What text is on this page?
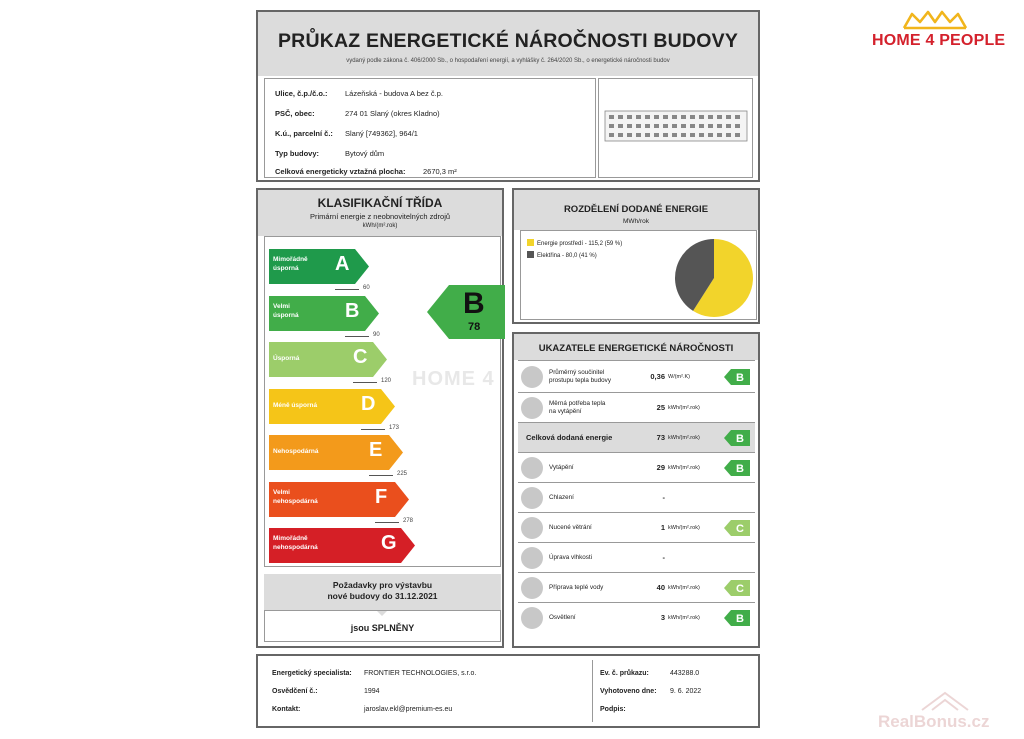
HOME 4 PEOPLE
PRŮKAZ ENERGETICKÉ NÁROČNOSTI BUDOVY
vydaný podle zákona č. 406/2000 Sb., o hospodaření energií, a vyhlášky č. 264/2020 Sb., o energetické náročnosti budov
Ulice, č.p./č.o.: Lázeňská - budova A bez č.p.
PSČ, obec:	274 01 Slaný (okres Kladno)
K.ú., parcelní č.: Slaný [749362], 964/1
Typ budovy:	Bytový dům
Celková energeticky vztažná plocha: 2670,3 m²
KLASIFIKAČNÍ TŘÍDA
Primární energie z neobnovitelných zdrojů
kWh/(m².rok)
Mimořádně
úsporná	A
60
Velmi
úsporná B
90
Úsporná	C
120
Méně úsporná D
173
Nehospodárná	E
225
Velmi
nehospodárná	F
278
Mimořádně
nehospodárná	G
B
78
Požadavky pro výstavbu
nové budovy do 31.12.2021
jsou SPLNĚNY
ROZDĚLENÍ DODANÉ ENERGIE
MWh/rok
Energie prostředí - 115,2 (59 %)
Elektřina - 80,0 (41 %)
UKAZATELE ENERGETICKÉ NÁROČNOSTI
Průměrný součinitel
prostupu tepla budovy	0,36 W/(m².K)	B
Měrná potřeba tepla
na vytápění	25 kWh/(m².rok)
Celková dodaná energie	73 kWh/(m².rok)	B
Vytápění	29 kWh/(m².rok)	B
Chlazení	-
Nucené větrání	1 kWh/(m².rok)	C
Úprava vlhkosti	-
Příprava teplé vody	40 kWh/(m².rok)	C
Osvětlení	3 kWh/(m².rok)	B
HOME 4
Energetický specialista: FRONTIER TECHNOLOGIES, s.r.o.
Osvědčení č.:	1994
Kontakt:	jaroslav.ekl@premium-es.eu
Ev. č. průkazu:	443288.0
Vyhotoveno dne: 9. 6. 2022
Podpis:
RealBonus.cz
